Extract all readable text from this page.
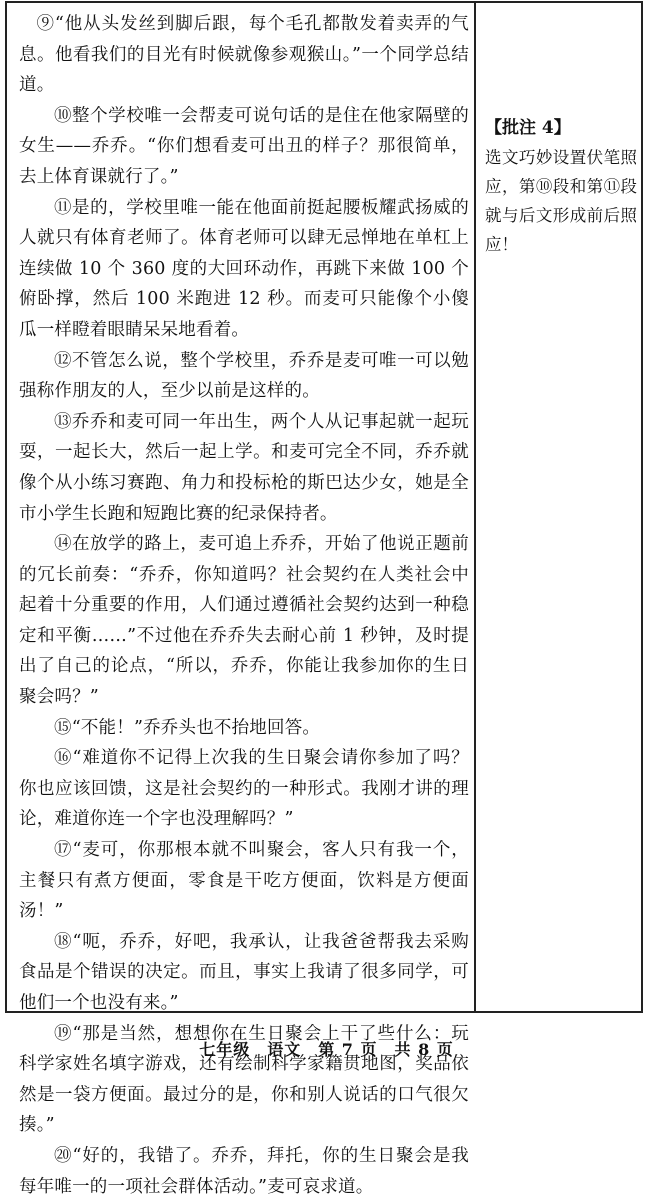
⑨“他从头发丝到脚后跟，每个毛孔都散发着卖弄的气息。他看我们的目光有时候就像参观猴山。”一个同学总结道。

⑩整个学校唯一会帮麦可说句话的是住在他家隔壁的女生——乔乔。“你们想看麦可出丑的样子？那很简单，去上体育课就行了。”

⑪是的，学校里唯一能在他面前挺起腰板耀武扬威的人就只有体育老师了。体育老师可以肆无忌惮地在单杠上连续做 10 个 360 度的大回环动作，再跳下来做 100 个俯卧撑，然后 100 米跑进 12 秒。而麦可只能像个小傻瓜一样瞪着眼睛呆呆地看着。

⑫不管怎么说，整个学校里，乔乔是麦可唯一可以勉强称作朋友的人，至少以前是这样的。

⑬乔乔和麦可同一年出生，两个人从记事起就一起玩耍，一起长大，然后一起上学。和麦可完全不同，乔乔就像个从小练习赛跑、角力和投标枪的斯巴达少女，她是全市小学生长跑和短跑比赛的纪录保持者。

⑭在放学的路上，麦可追上乔乔，开始了他说正题前的冗长前奏：“乔乔，你知道吗？社会契约在人类社会中起着十分重要的作用，人们通过遵循社会契约达到一种稳定和平衡……”不过他在乔乔失去耐心前 1 秒钟，及时提出了自己的论点，“所以，乔乔，你能让我参加你的生日聚会吗？”

⑮“不能！”乔乔头也不抬地回答。

⑯“难道你不记得上次我的生日聚会请你参加了吗？你也应该回馈，这是社会契约的一种形式。我刚才讲的理论，难道你连一个字也没理解吗？”

⑰“麦可，你那根本就不叫聚会，客人只有我一个，主餐只有煮方便面，零食是干吃方便面，饮料是方便面汤！”

⑱“呃，乔乔，好吧，我承认，让我爸爸帮我去采购食品是个错误的决定。而且，事实上我请了很多同学，可他们一个也没有来。”

⑲“那是当然，想想你在生日聚会上干了些什么：玩科学家姓名填字游戏，还有绘制科学家籍贯地图，奖品依然是一袋方便面。最过分的是，你和别人说话的口气很欠揍。”

⑳“好的，我错了。乔乔，拜托，你的生日聚会是我每年唯一的一项社会群体活动。”麦可哀求道。

【批注 4】
选文巧妙设置伏笔照应，第⑩段和第⑪段就与后文形成前后照应！
七年级　语文　第 7 页　共 8 页
